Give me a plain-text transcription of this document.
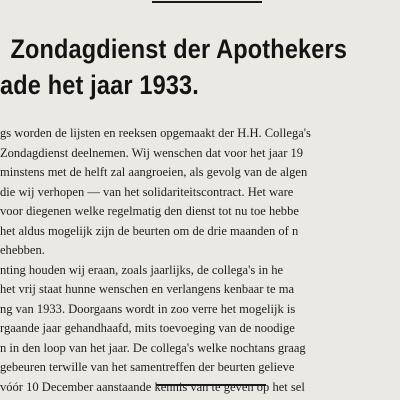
Zondagdienst der Apothekers
ade het jaar 1933.
gs worden de lijsten en reeksen opgemaakt der H.H. Collega's
Zondagdienst deelnemen. Wij wenschen dat voor het jaar 19
minstens met de helft zal aangroeien, als gevolg van de algen
die wij verhopen — van het solidariteitscontract. Het ware
voor diegenen welke regelmatig den dienst tot nu toe hebbe
het aldus mogelijk zijn de beurten om de drie maanden of n
ehebben.
nting houden wij eraan, zoals jaarlijks, de collega's in he
het vrij staat hunne wenschen en verlangens kenbaar te ma
ng van 1933. Doorgaans wordt in zoo verre het mogelijk is
rgaande jaar gehandhaafd, mits toevoeging van de noodige
n in den loop van het jaar. De collega's welke nochtans graag
gebeuren terwille van het samentreffen der beurten gelieve
vóór 10 December aanstaande kennis van te geven op het sel
